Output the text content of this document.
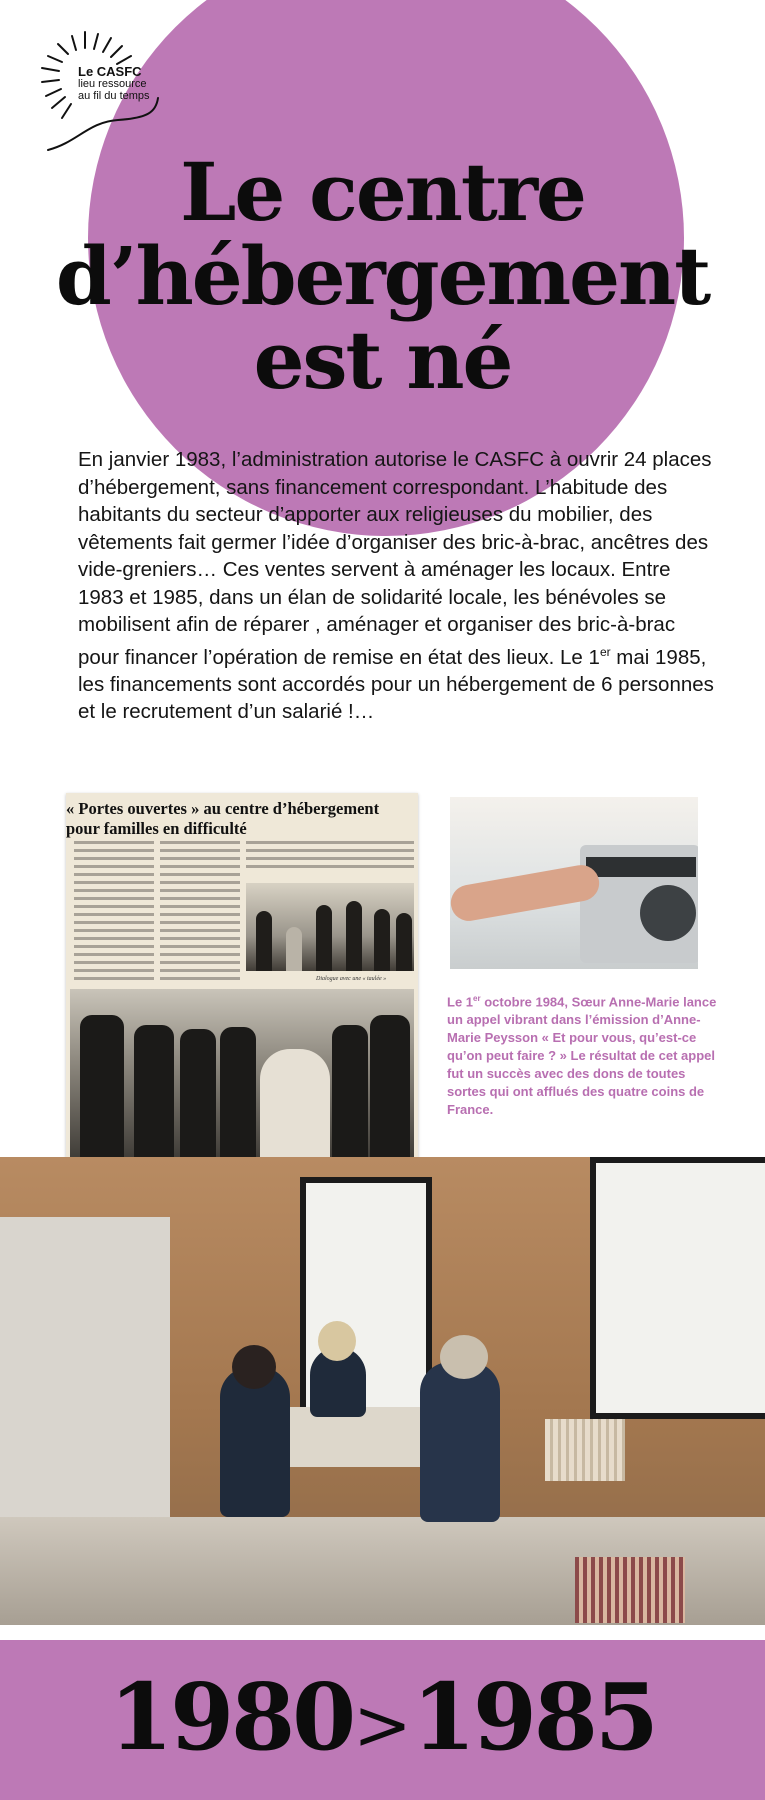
Le CASFC
lieu ressource
au fil du temps
Le centre
d’hébergement
est né
En janvier 1983, l’administration autorise le CASFC à ouvrir 24 places d’hébergement, sans financement correspondant. L’habitude des habitants du secteur d’apporter aux religieuses du mobilier, des vêtements fait germer l’idée d’organiser des bric-à-brac, ancêtres des vide-greniers… Ces ventes servent à aménager les locaux. Entre 1983 et 1985, dans un élan de solidarité locale, les bénévoles se mobilisent afin de réparer , aménager et organiser des bric-à-brac pour financer l’opération de remise en état des lieux. Le 1er mai 1985, les financements sont accordés pour un hébergement de 6 personnes et le recrutement d’un salarié !…
« Portes ouvertes » au centre d’hébergement
pour familles en difficulté
Dialogue avec une « taulée »
Le 1er octobre 1984, Sœur Anne-Marie lance un appel vibrant dans l’émission d’Anne-Marie Peysson « Et pour vous, qu’est-ce qu’on peut faire ? » Le résultat de cet appel fut un succès avec des dons de toutes sortes qui ont afflués des quatre coins de France.
1980>1985
